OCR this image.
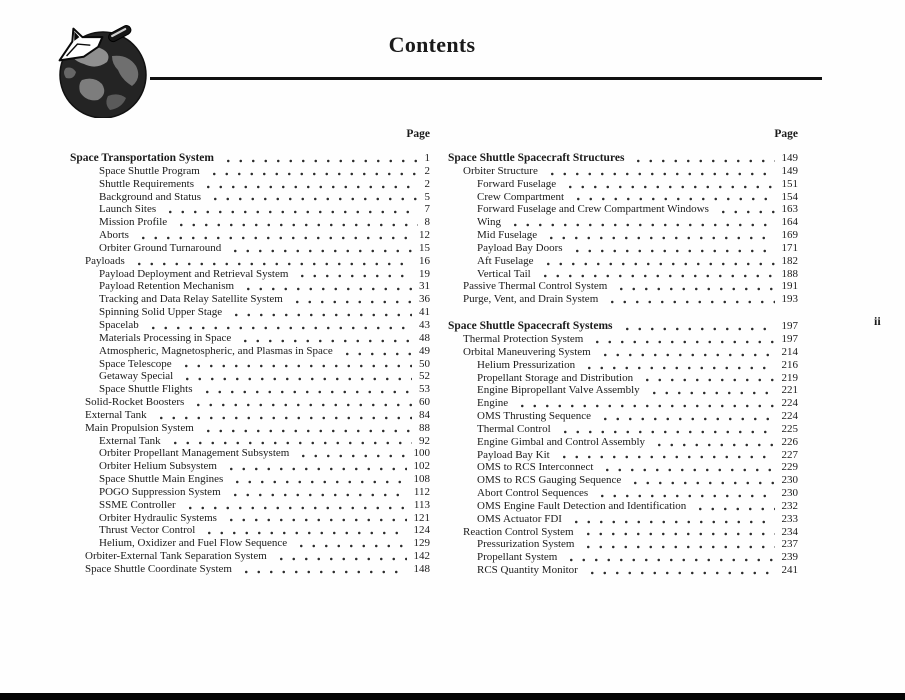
Contents
ii
Page
Space Transportation System	1
Space Shuttle Program	2
Shuttle Requirements	2
Background and Status	5
Launch Sites	7
Mission Profile	8
Aborts	12
Orbiter Ground Turnaround	15
Payloads	16
Payload Deployment and Retrieval System	19
Payload Retention Mechanism	31
Tracking and Data Relay Satellite System	36
Spinning Solid Upper Stage	41
Spacelab	43
Materials Processing in Space	48
Atmospheric, Magnetospheric, and Plasmas in Space	49
Space Telescope	50
Getaway Special	52
Space Shuttle Flights	53
Solid-Rocket Boosters	60
External Tank	84
Main Propulsion System	88
External Tank	92
Orbiter Propellant Management Subsystem	100
Orbiter Helium Subsystem	102
Space Shuttle Main Engines	108
POGO Suppression System	112
SSME Controller	113
Orbiter Hydraulic Systems	121
Thrust Vector Control	124
Helium, Oxidizer and Fuel Flow Sequence	129
Orbiter-External Tank Separation System	142
Space Shuttle Coordinate System	148
Page
Space Shuttle Spacecraft Structures	149
Orbiter Structure	149
Forward Fuselage	151
Crew Compartment	154
Forward Fuselage and Crew Compartment Windows	163
Wing	164
Mid Fuselage	169
Payload Bay Doors	171
Aft Fuselage	182
Vertical Tail	188
Passive Thermal Control System	191
Purge, Vent, and Drain System	193
Space Shuttle Spacecraft Systems	197
Thermal Protection System	197
Orbital Maneuvering System	214
Helium Pressurization	216
Propellant Storage and Distribution	219
Engine Bipropellant Valve Assembly	221
Engine	224
OMS Thrusting Sequence	224
Thermal Control	225
Engine Gimbal and Control Assembly	226
Payload Bay Kit	227
OMS to RCS Interconnect	229
OMS to RCS Gauging Sequence	230
Abort Control Sequences	230
OMS Engine Fault Detection and Identification	232
OMS Actuator FDI	233
Reaction Control System	234
Pressurization System	237
Propellant System	239
RCS Quantity Monitor	241
